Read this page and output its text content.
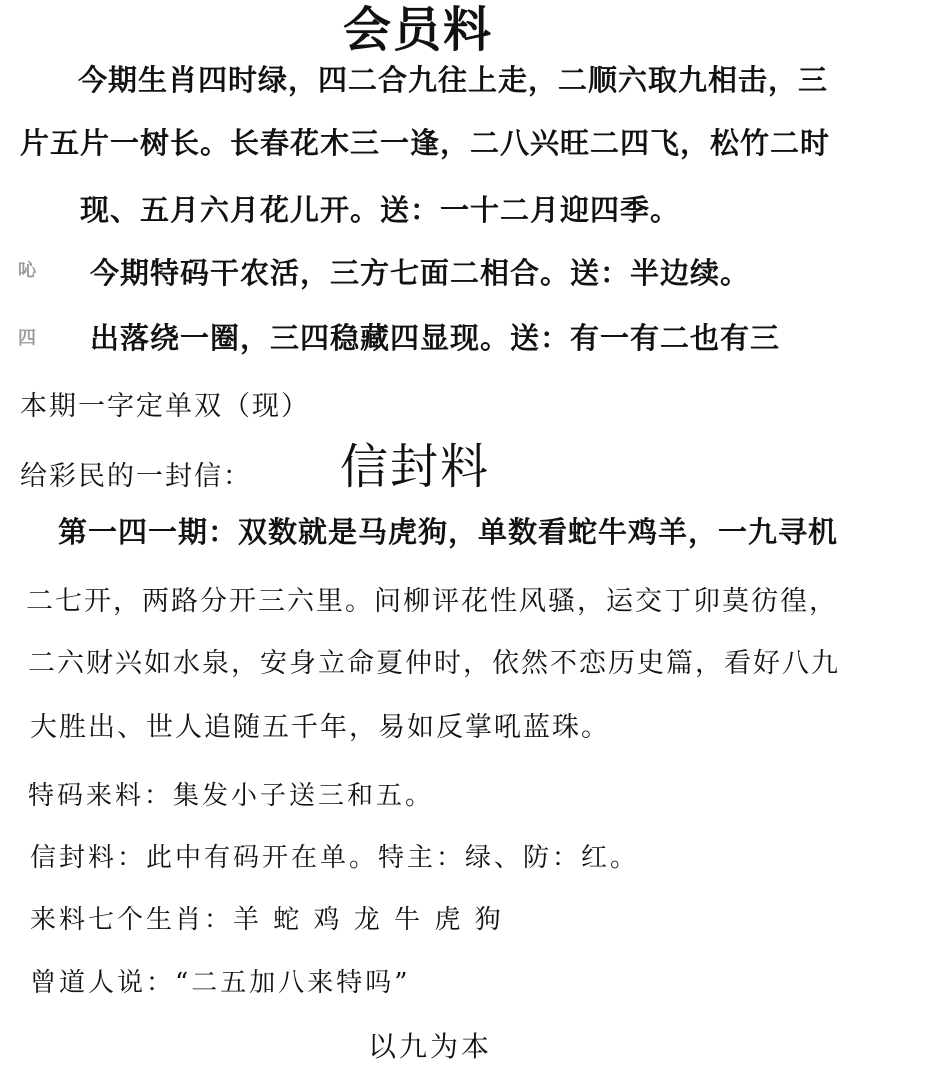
会员料
今期生肖四时绿，四二合九往上走，二顺六取九相击，三
片五片一树长。长春花木三一逢，二八兴旺二四飞，松竹二时
现、五月六月花儿开。送：一十二月迎四季。
吣 今期特码干农活，三方七面二相合。送：半边续。
四 出落绕一圈，三四稳藏四显现。送：有一有二也有三
本期一字定单双（现）
给彩民的一封信： 信封料
第一四一期：双数就是马虎狗，单数看蛇牛鸡羊，一九寻机
二七开，两路分开三六里。问柳评花性风骚，运交丁卯莫彷徨，
二六财兴如水泉，安身立命夏仲时，依然不恋历史篇，看好八九
大胜出、世人追随五千年，易如反掌吼蓝珠。
特码来料：集发小子送三和五。
信封料：此中有码开在单。特主：绿、防：红。
来料七个生肖：羊 蛇 鸡 龙 牛 虎 狗
曾道人说：“二五加八来特吗”
以九为本
